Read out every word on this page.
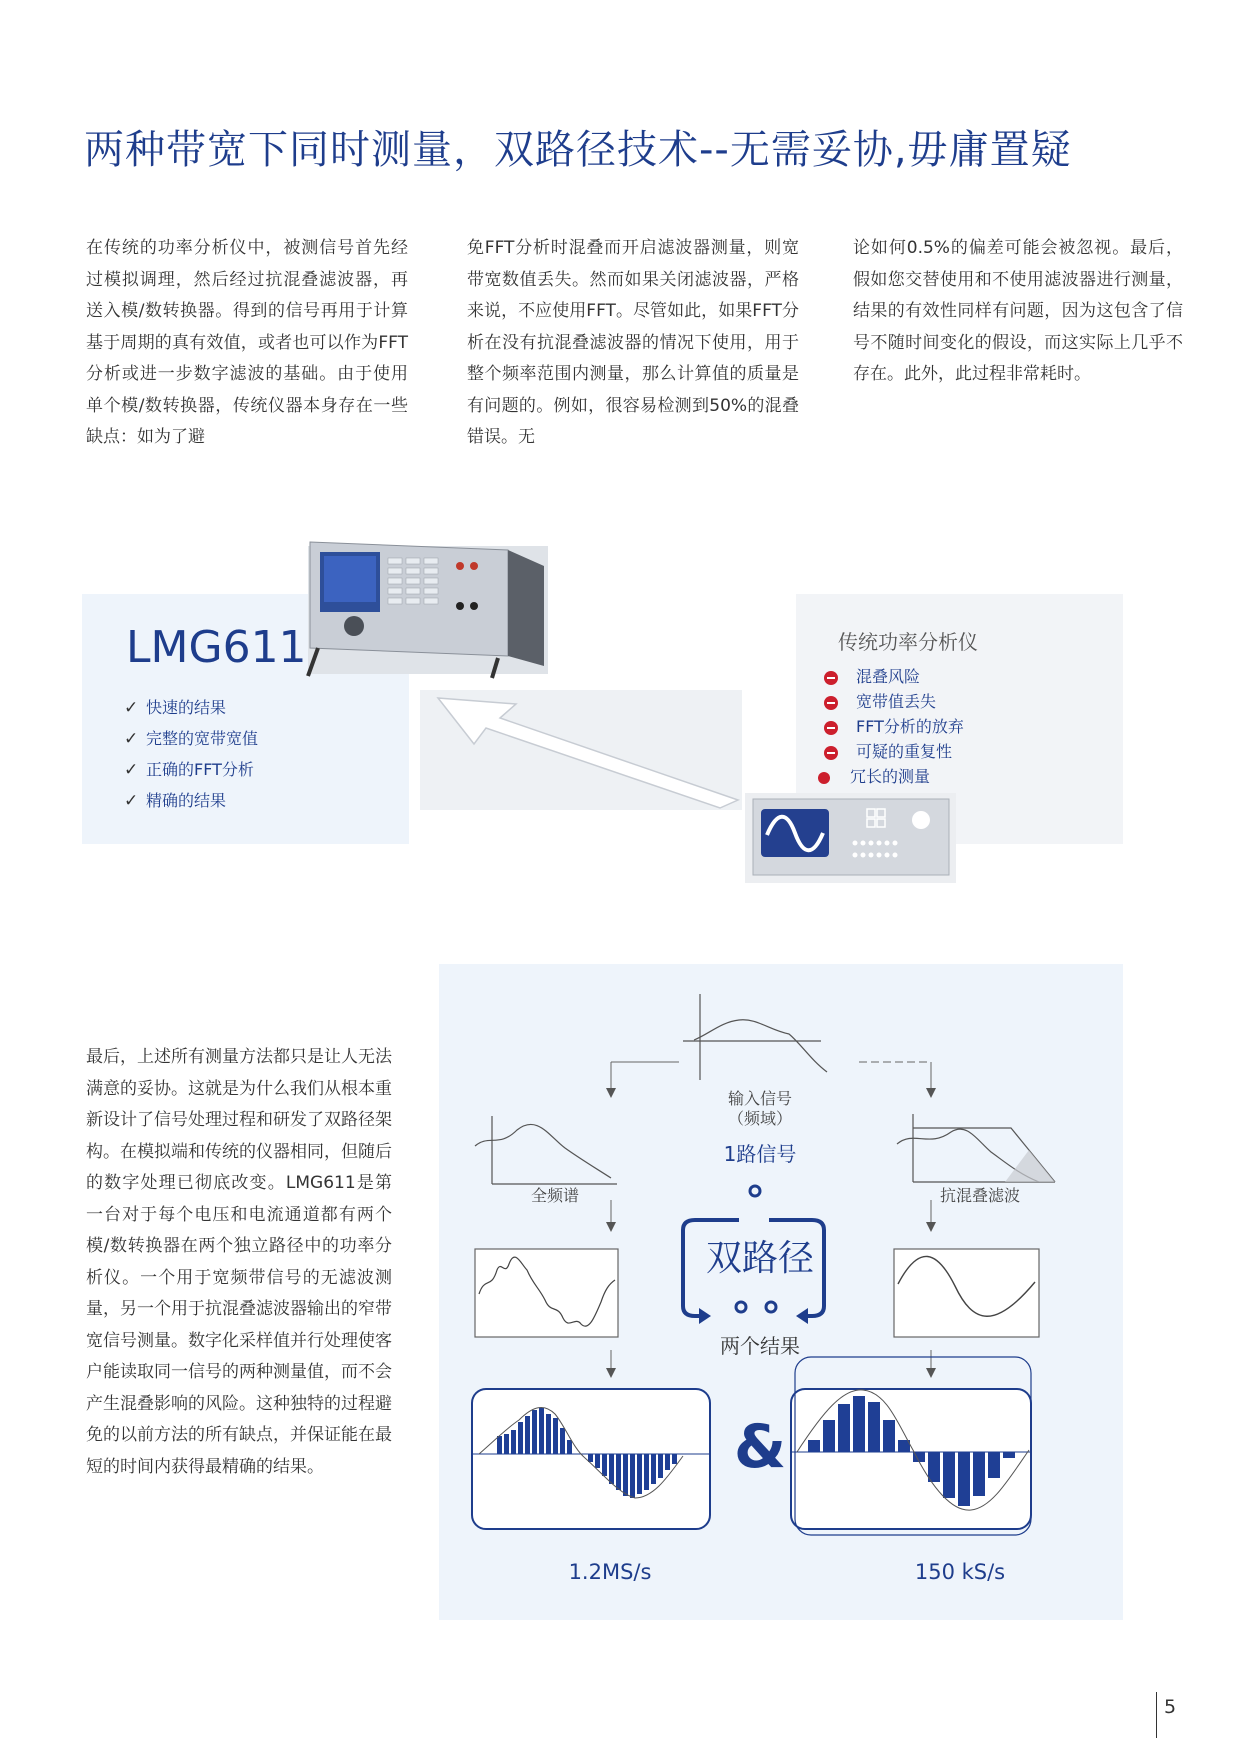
两种带宽下同时测量，双路径技术--无需妥协,毋庸置疑

在传统的功率分析仪中，被测信号首先经过模拟调理，然后经过抗混叠滤波器，再送入模/数转换器。得到的信号再用于计算基于周期的真有效值，或者也可以作为FFT分析或进一步数字滤波的基础。由于使用单个模/数转换器，传统仪器本身存在一些缺点：如为了避

免FFT分析时混叠而开启滤波器测量，则宽带宽数值丢失。然而如果关闭滤波器，严格来说，不应使用FFT。尽管如此，如果FFT分析在没有抗混叠滤波器的情况下使用，用于整个频率范围内测量，那么计算值的质量是有问题的。例如，很容易检测到50%的混叠错误。无

论如何0.5%的偏差可能会被忽视。最后，假如您交替使用和不使用滤波器进行测量，结果的有效性同样有问题，因为这包含了信号不随时间变化的假设，而这实际上几乎不存在。此外，此过程非常耗时。

LMG611
✓ 快速的结果
✓ 完整的宽带宽值
✓ 正确的FFT分析
✓ 精确的结果
传统功率分析仪
混叠风险
宽带值丢失
FFT分析的放弃
可疑的重复性
冗长的测量

最后，上述所有测量方法都只是让人无法满意的妥协。这就是为什么我们从根本重新设计了信号处理过程和研发了双路径架构。在模拟端和传统的仪器相同，但随后的数字处理已彻底改变。LMG611是第一台对于每个电压和电流通道都有两个模/数转换器在两个独立路径中的功率分析仪。一个用于宽频带信号的无滤波测量，另一个用于抗混叠滤波器输出的窄带宽信号测量。数字化采样值并行处理使客户能读取同一信号的两种测量值，而不会产生混叠影响的风险。这种独特的过程避免的以前方法的所有缺点，并保证能在最短的时间内获得最精确的结果。

输入信号
（频域）
1路信号
全频谱	抗混叠滤波
双路径
两个结果
&
1.2MS/s	150 kS/s
5
